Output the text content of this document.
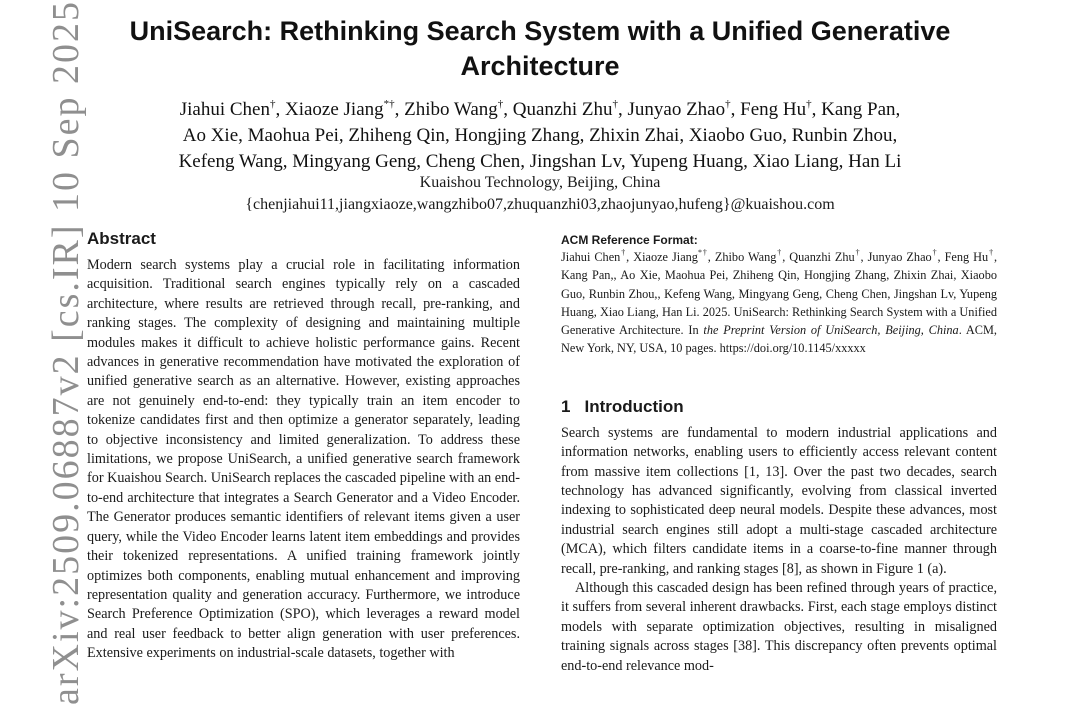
arXiv:2509.06887v2 [cs.IR] 10 Sep 2025	UniSearch: Rethinking Search System with a Unified Generative Architecture
Jiahui Chen†, Xiaoze Jiang*†, Zhibo Wang†, Quanzhi Zhu†, Junyao Zhao†, Feng Hu†, Kang Pan,
Ao Xie, Maohua Pei, Zhiheng Qin, Hongjing Zhang, Zhixin Zhai, Xiaobo Guo, Runbin Zhou,
Kefeng Wang, Mingyang Geng, Cheng Chen, Jingshan Lv, Yupeng Huang, Xiao Liang, Han Li
Kuaishou Technology, Beijing, China
{chenjiahui11,jiangxiaoze,wangzhibo07,zhuquanzhi03,zhaojunyao,hufeng}@kuaishou.com
Abstract
Modern search systems play a crucial role in facilitating information acquisition. Traditional search engines typically rely on a cascaded architecture, where results are retrieved through recall, pre-ranking, and ranking stages. The complexity of designing and maintaining multiple modules makes it difficult to achieve holistic performance gains. Recent advances in generative recommendation have motivated the exploration of unified generative search as an alternative. However, existing approaches are not genuinely end-to-end: they typically train an item encoder to tokenize candidates first and then optimize a generator separately, leading to objective inconsistency and limited generalization. To address these limitations, we propose UniSearch, a unified generative search framework for Kuaishou Search. UniSearch replaces the cascaded pipeline with an end-to-end architecture that integrates a Search Generator and a Video Encoder. The Generator produces semantic identifiers of relevant items given a user query, while the Video Encoder learns latent item embeddings and provides their tokenized representations. A unified training framework jointly optimizes both components, enabling mutual enhancement and improving representation quality and generation accuracy. Furthermore, we introduce Search Preference Optimization (SPO), which leverages a reward model and real user feedback to better align generation with user preferences. Extensive experiments on industrial-scale datasets, together with
ACM Reference Format:
Jiahui Chen†, Xiaoze Jiang*†, Zhibo Wang†, Quanzhi Zhu†, Junyao Zhao†, Feng Hu†, Kang Pan,, Ao Xie, Maohua Pei, Zhiheng Qin, Hongjing Zhang, Zhixin Zhai, Xiaobo Guo, Runbin Zhou,, Kefeng Wang, Mingyang Geng, Cheng Chen, Jingshan Lv, Yupeng Huang, Xiao Liang, Han Li. 2025. UniSearch: Rethinking Search System with a Unified Generative Architecture. In the Preprint Version of UniSearch, Beijing, China. ACM, New York, NY, USA, 10 pages. https://doi.org/10.1145/xxxxx
1 Introduction

Search systems are fundamental to modern industrial applications and information networks, enabling users to efficiently access relevant content from massive item collections [1, 13]. Over the past two decades, search technology has advanced significantly, evolving from classical inverted indexing to sophisticated deep neural models. Despite these advances, most industrial search engines still adopt a multi-stage cascaded architecture (MCA), which filters candidate items in a coarse-to-fine manner through recall, pre-ranking, and ranking stages [8], as shown in Figure 1 (a).

Although this cascaded design has been refined through years of practice, it suffers from several inherent drawbacks. First, each stage employs distinct models with separate optimization objectives, resulting in misaligned training signals across stages [38]. This discrepancy often prevents optimal end-to-end relevance mod-
